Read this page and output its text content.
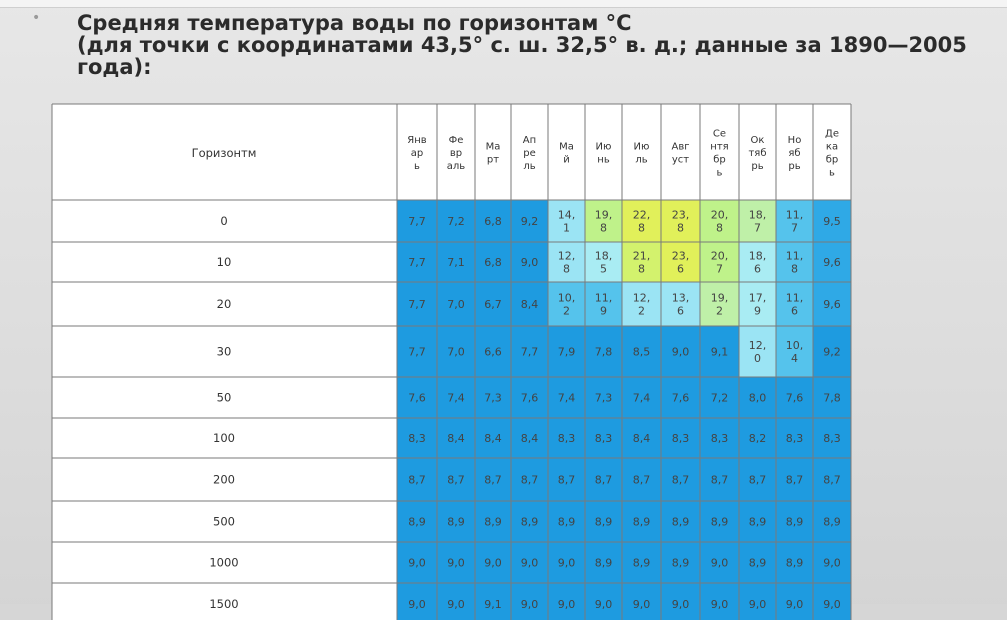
• Средняя температура воды по горизонтам °C
(для точки с координатами 43,5° с. ш. 32,5° в. д.; данные за 1890—2005
года):
7,7 7,2 6,8 9,2 14,
1
19,
8
22,
8
23,
8
20,
8
18,
7
11,
7 9,5
7,7 7,1 6,8 9,0 12,
8
18,
5
21,
8
23,
6
20,
7
18,
6
11,
8 9,6
7,7 7,0 6,7 8,4 10,
2
11,
9
12,
2
13,
6
19,
2
17,
9
11,
6 9,6
7,7 7,0 6,6 7,7 7,9 7,8 8,5 9,0 9,1 12,
0
10,
4 9,2
7,6 7,4 7,3 7,6 7,4 7,3 7,4 7,6 7,2 8,0 7,6 7,8
8,3 8,4 8,4 8,4 8,3 8,3 8,4 8,3 8,3 8,2 8,3 8,3
8,7 8,7 8,7 8,7 8,7 8,7 8,7 8,7 8,7 8,7 8,7 8,7
8,9 8,9 8,9 8,9 8,9 8,9 8,9 8,9 8,9 8,9 8,9 8,9
9,0 9,0 9,0 9,0 9,0 8,9 8,9 8,9 9,0 8,9 8,9 9,0
9,0 9,0 9,1 9,0 9,0 9,0 9,0 9,0 9,0 9,0 9,0 9,0
0
10
20
30
50
100
200
500
1000
1500
Горизонтм
Янв
ар
ь
Фе
вр
аль
Ма
рт
Ап
ре
ль
Ма
й
Ию
нь
Ию
ль
Авг
уст
Се
нтя
бр
ь
Ок
тяб
рь
Но
яб
рь
Де
ка
бр
ь
